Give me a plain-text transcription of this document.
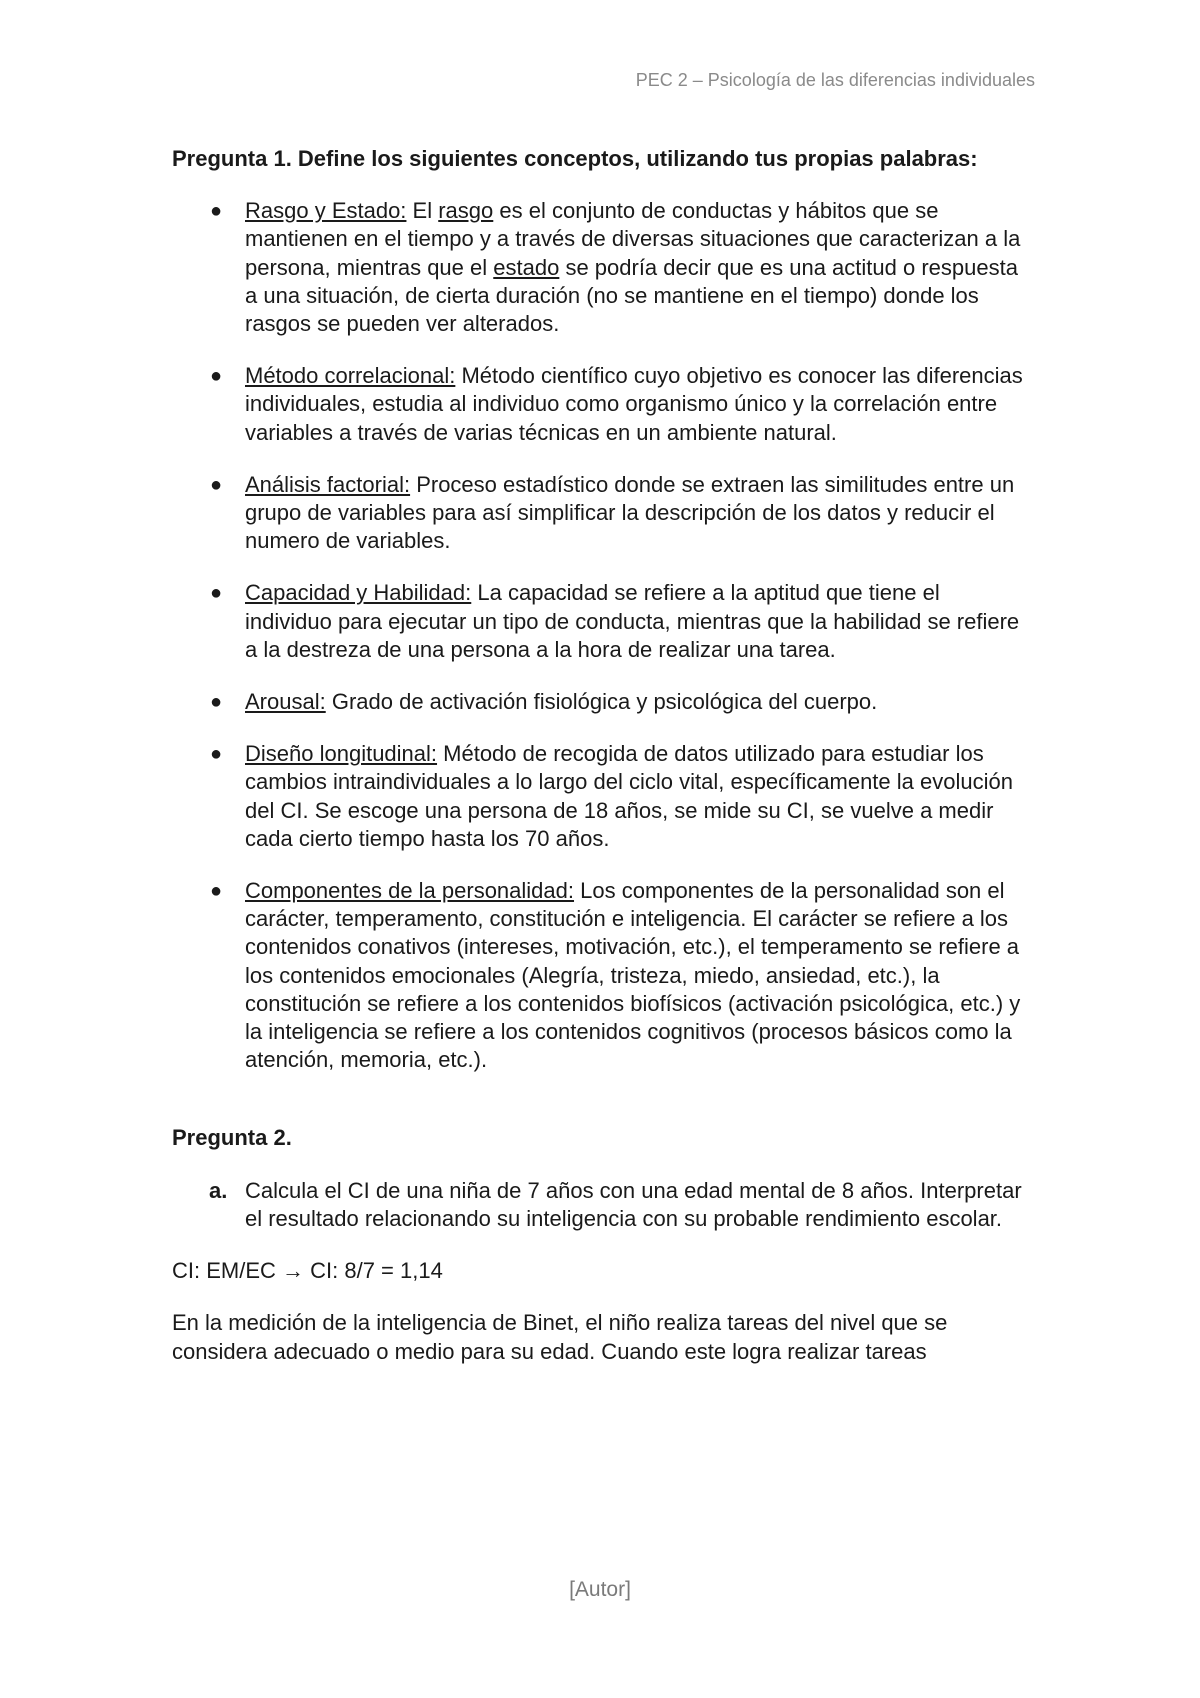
PEC 2 – Psicología de las diferencias individuales

Pregunta 1. Define los siguientes conceptos, utilizando tus propias palabras:

● Rasgo y Estado: El rasgo es el conjunto de conductas y hábitos que se mantienen en el tiempo y a través de diversas situaciones que caracterizan a la persona, mientras que el estado se podría decir que es una actitud o respuesta a una situación, de cierta duración (no se mantiene en el tiempo) donde los rasgos se pueden ver alterados.
● Método correlacional: Método científico cuyo objetivo es conocer las diferencias individuales, estudia al individuo como organismo único y la correlación entre variables a través de varias técnicas en un ambiente natural.
● Análisis factorial: Proceso estadístico donde se extraen las similitudes entre un grupo de variables para así simplificar la descripción de los datos y reducir el numero de variables.
● Capacidad y Habilidad: La capacidad se refiere a la aptitud que tiene el individuo para ejecutar un tipo de conducta, mientras que la habilidad se refiere a la destreza de una persona a la hora de realizar una tarea.
● Arousal: Grado de activación fisiológica y psicológica del cuerpo.
● Diseño longitudinal: Método de recogida de datos utilizado para estudiar los cambios intraindividuales a lo largo del ciclo vital, específicamente la evolución del CI. Se escoge una persona de 18 años, se mide su CI, se vuelve a medir cada cierto tiempo hasta los 70 años.
● Componentes de la personalidad: Los componentes de la personalidad son el carácter, temperamento, constitución e inteligencia. El carácter se refiere a los contenidos conativos (intereses, motivación, etc.), el temperamento se refiere a los contenidos emocionales (Alegría, tristeza, miedo, ansiedad, etc.), la constitución se refiere a los contenidos biofísicos (activación psicológica, etc.) y la inteligencia se refiere a los contenidos cognitivos (procesos básicos como la atención, memoria, etc.).

Pregunta 2.

a. Calcula el CI de una niña de 7 años con una edad mental de 8 años. Interpretar el resultado relacionando su inteligencia con su probable rendimiento escolar.

CI: EM/EC → CI: 8/7 = 1,14

En la medición de la inteligencia de Binet, el niño realiza tareas del nivel que se considera adecuado o medio para su edad. Cuando este logra realizar tareas

[Autor]
